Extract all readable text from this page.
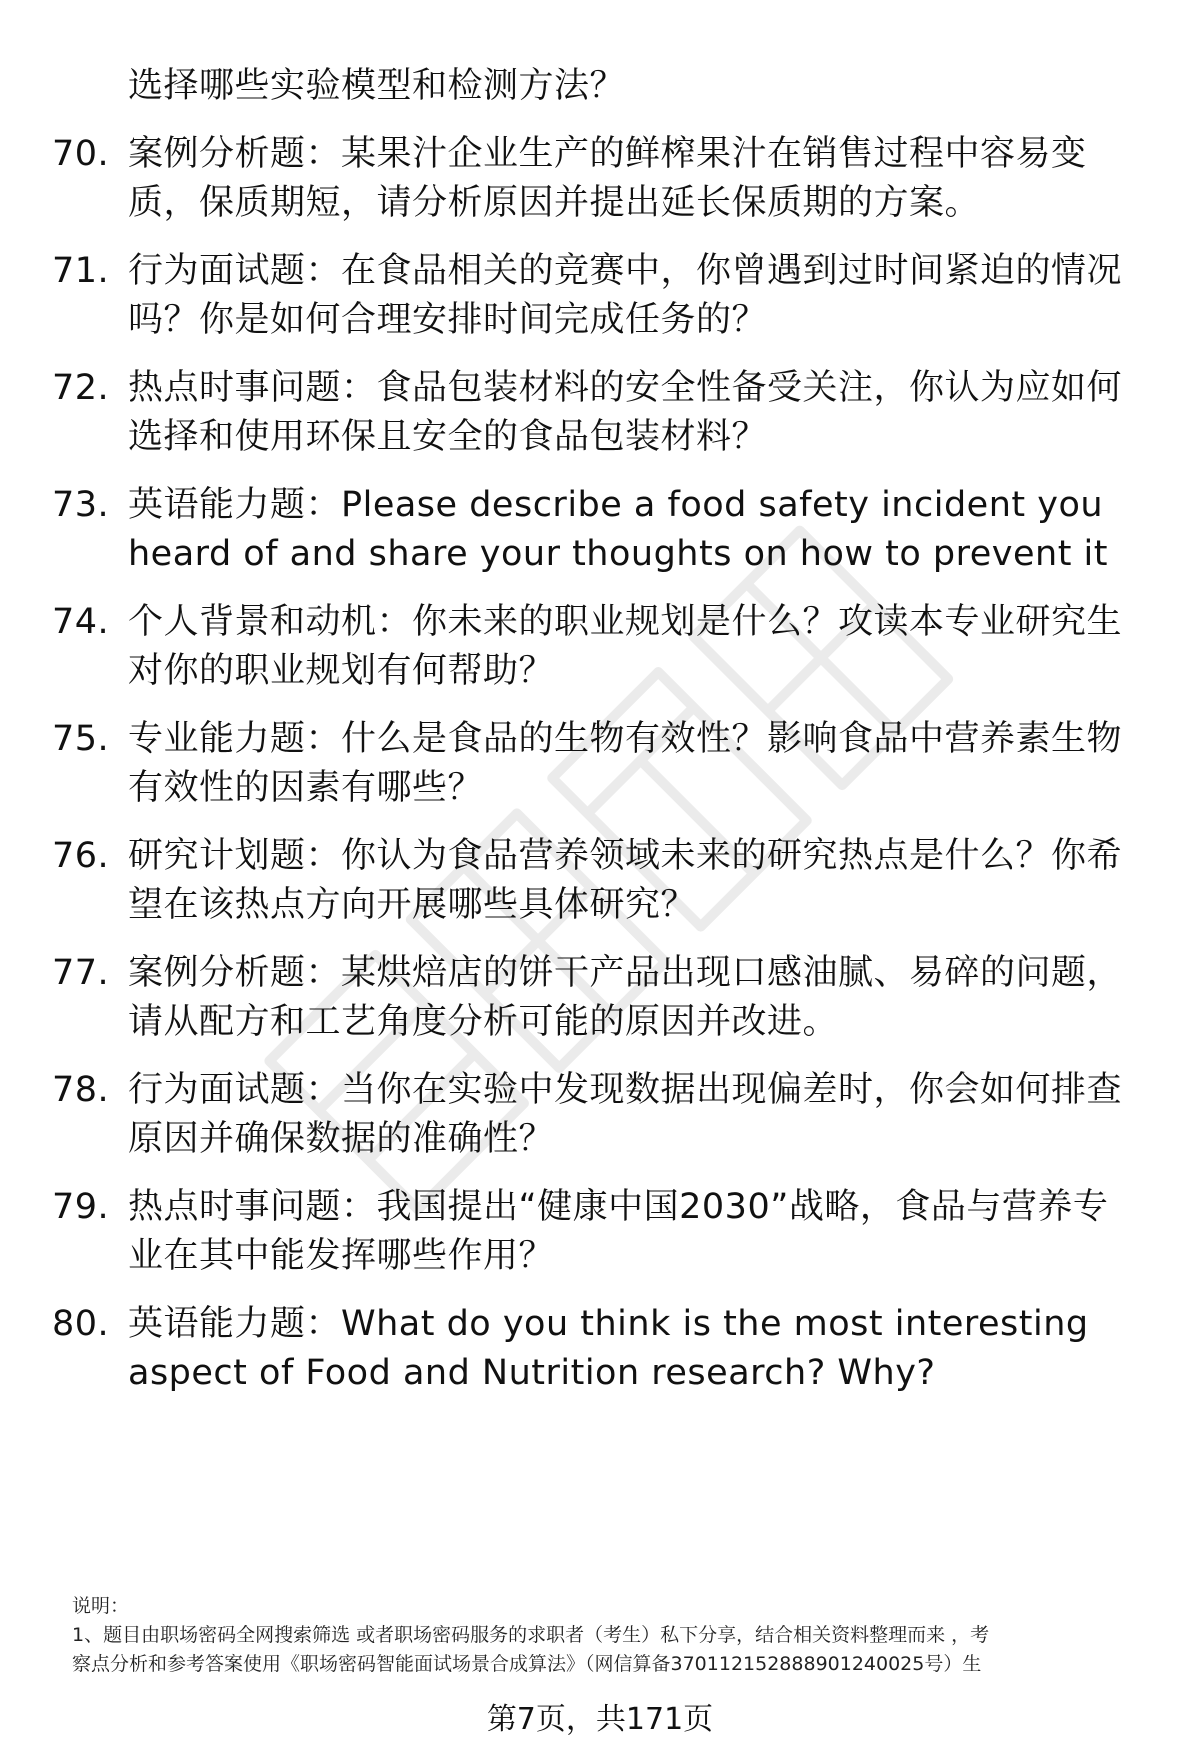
选择哪些实验模型和检测方法？
70. 案例分析题：某果汁企业生产的鲜榨果汁在销售过程中容易变
质，保质期短，请分析原因并提出延长保质期的方案。
71. 行为面试题：在食品相关的竞赛中，你曾遇到过时间紧迫的情况
吗？你是如何合理安排时间完成任务的？
72. 热点时事问题：食品包装材料的安全性备受关注，你认为应如何
选择和使用环保且安全的食品包装材料？
73. 英语能力题：Please describe a food safety incident you
heard of and share your thoughts on how to prevent it
74. 个人背景和动机：你未来的职业规划是什么？攻读本专业研究生
对你的职业规划有何帮助？
75. 专业能力题：什么是食品的生物有效性？影响食品中营养素生物
有效性的因素有哪些？
76. 研究计划题：你认为食品营养领域未来的研究热点是什么？你希
望在该热点方向开展哪些具体研究？
77. 案例分析题：某烘焙店的饼干产品出现口感油腻、易碎的问题，
请从配方和工艺角度分析可能的原因并改进。
78. 行为面试题：当你在实验中发现数据出现偏差时，你会如何排查
原因并确保数据的准确性？
79. 热点时事问题：我国提出“健康中国2030”战略，食品与营养专
业在其中能发挥哪些作用？
80. 英语能力题：What do you think is the most interesting
aspect of Food and Nutrition research? Why?
说明：
1、题目由职场密码全网搜索筛选 或者职场密码服务的求职者（考生）私下分享，结合相关资料整理而来 ，考
察点分析和参考答案使用《职场密码智能面试场景合成算法》（网信算备37011215288890124​0025号）生
第7页，共171页
